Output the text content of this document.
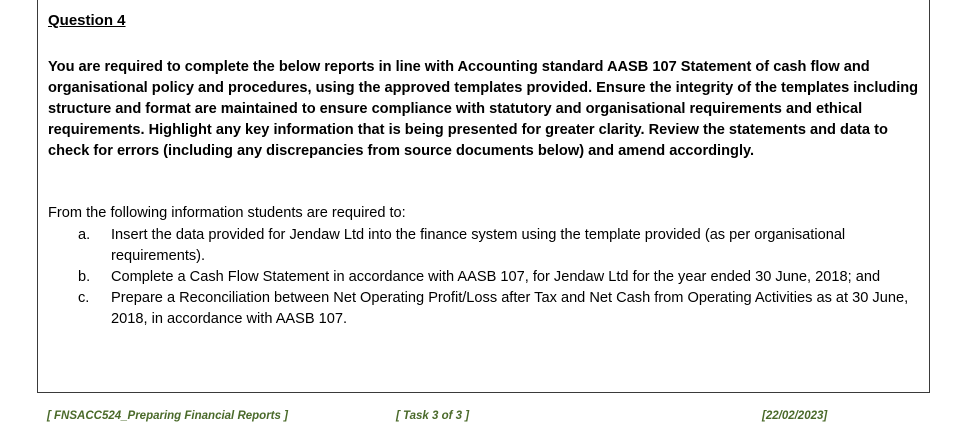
Question 4
You are required to complete the below reports in line with Accounting standard AASB 107 Statement of cash flow and organisational policy and procedures, using the approved templates provided. Ensure the integrity of the templates including structure and format are maintained to ensure compliance with statutory and organisational requirements and ethical requirements. Highlight any key information that is being presented for greater clarity. Review the statements and data to check for errors (including any discrepancies from source documents below) and amend accordingly.
From the following information students are required to:
a. Insert the data provided for Jendaw Ltd into the finance system using the template provided (as per organisational requirements).
b. Complete a Cash Flow Statement in accordance with AASB 107, for Jendaw Ltd for the year ended 30 June, 2018; and
c. Prepare a Reconciliation between Net Operating Profit/Loss after Tax and Net Cash from Operating Activities as at 30 June, 2018, in accordance with AASB 107.
[ FNSACC524_Preparing Financial Reports ]	[ Task 3 of 3 ]	[22/02/2023]
